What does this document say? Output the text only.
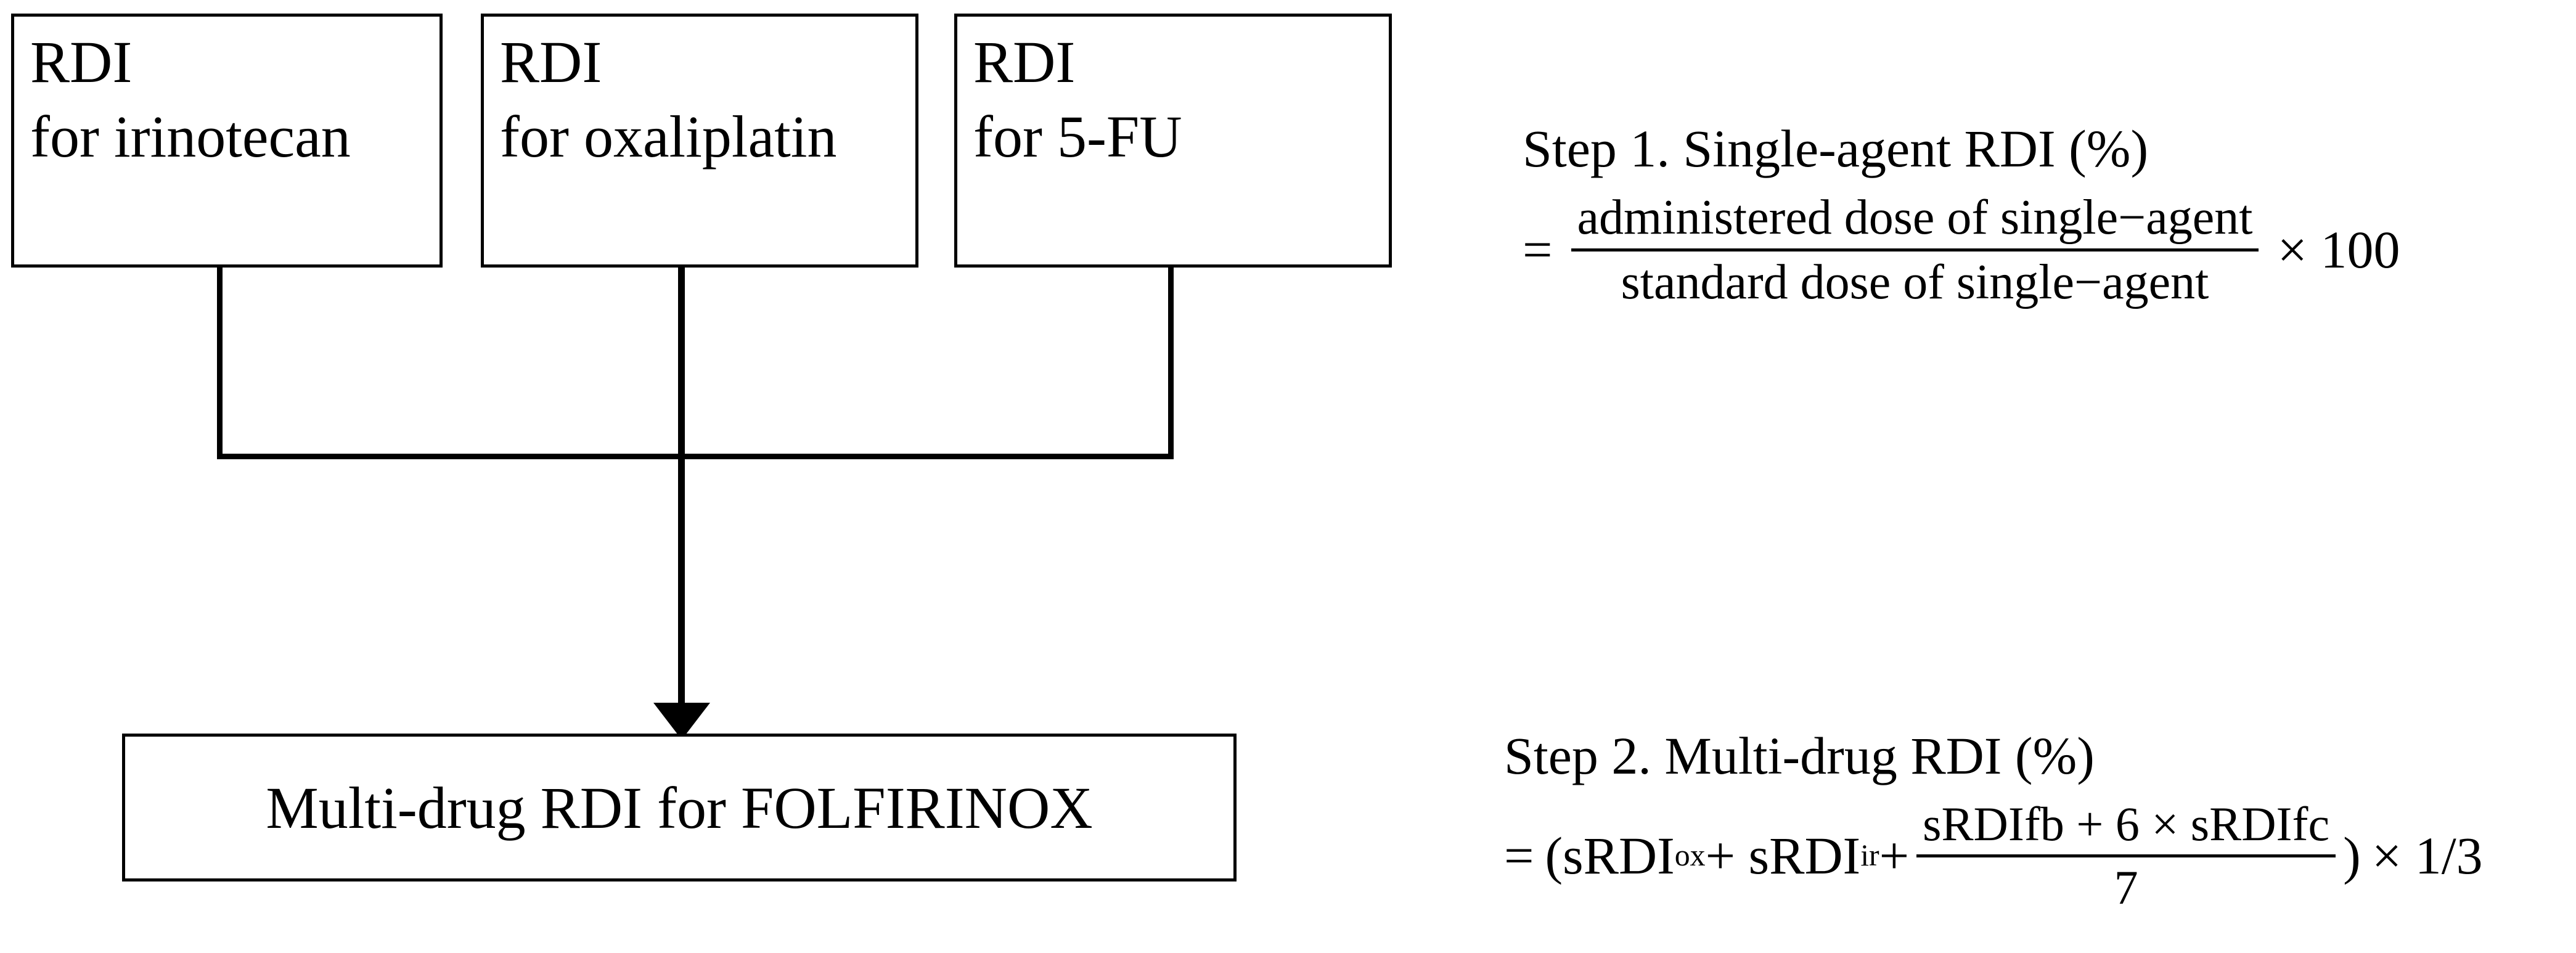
RDI
for irinotecan
RDI
for oxaliplatin
RDI
for 5-FU
Multi-drug RDI for FOLFIRINOX
Step 1. Single-agent RDI (%)
= $\frac{\text{administered dose of single−agent}}{\text{standard dose of single−agent}} \times 100$
Step 2. Multi-drug RDI (%)
= (sRDI ox + sRDI ir + $\frac{\text{sRDIfb + 6 × sRDIfc}}{7}$ ) × 1/3
